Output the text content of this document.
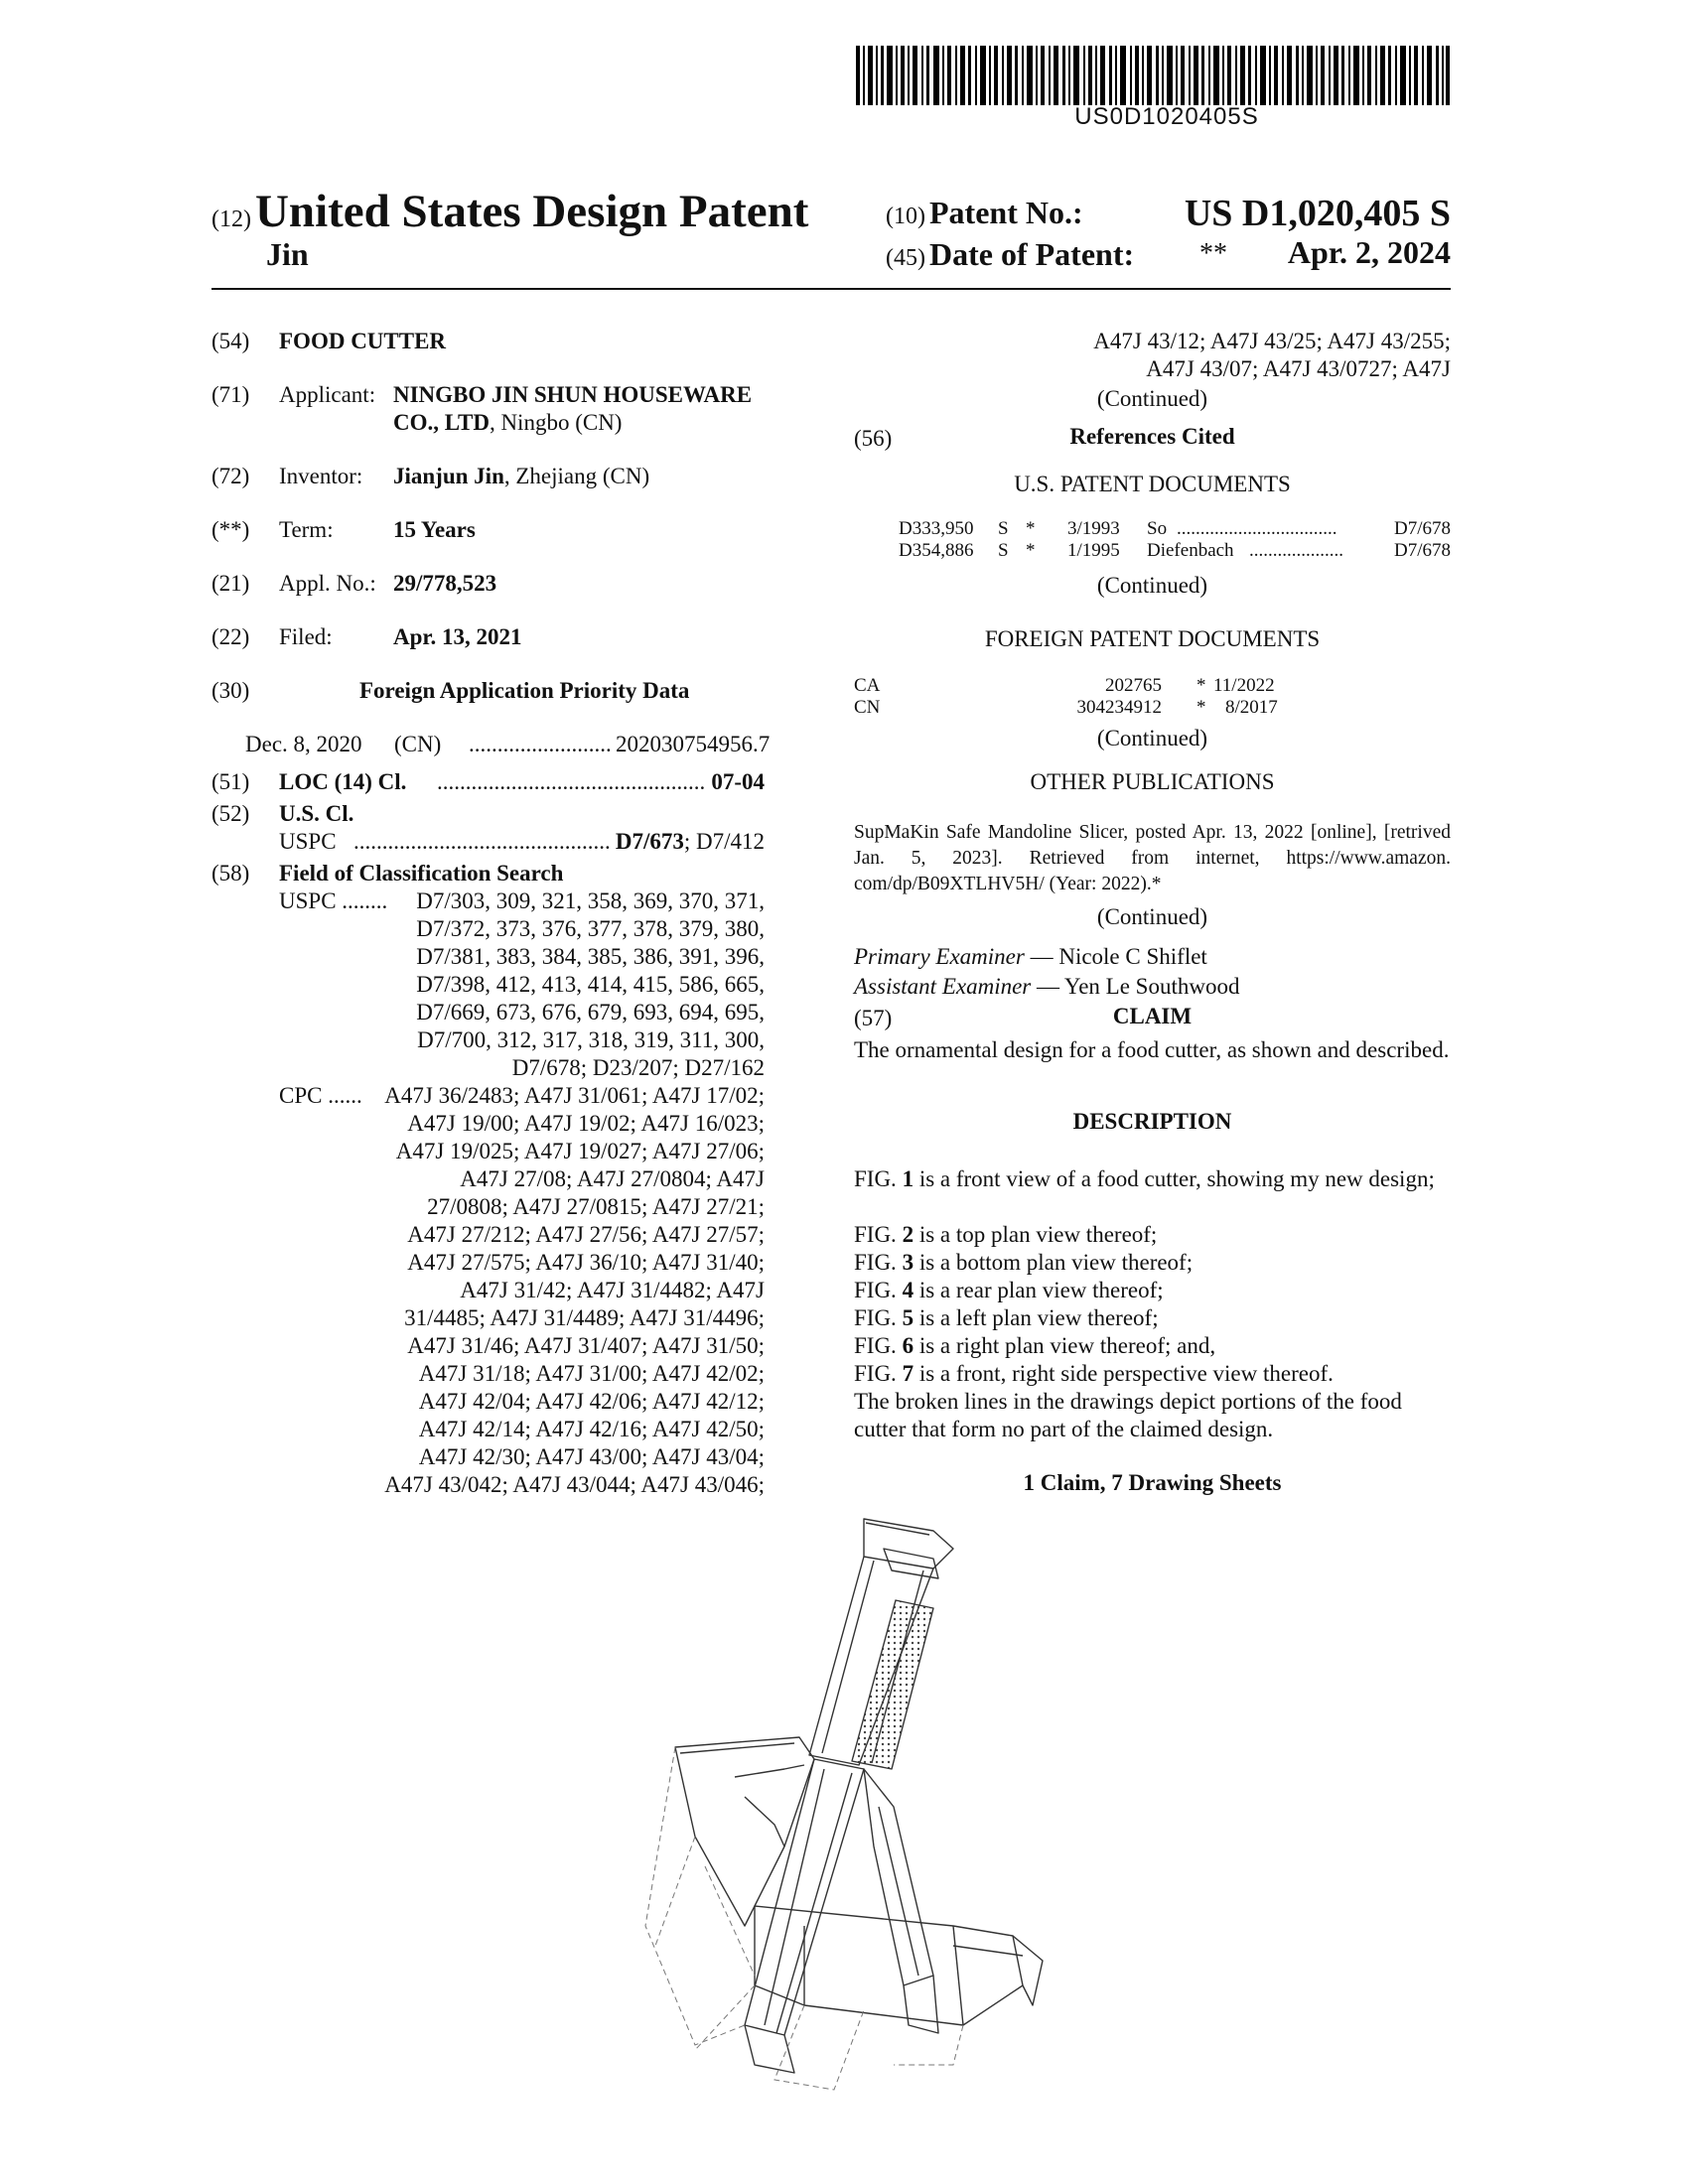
US0D1020405S
(12) United States Design Patent
Jin
(10) Patent No.:	US D1,020,405 S
(45) Date of Patent: **	Apr. 2, 2024
(54) FOOD CUTTER
(71) Applicant: NINGBO JIN SHUN HOUSEWARE
CO., LTD, Ningbo (CN)
(72) Inventor: Jianjun Jin, Zhejiang (CN)
(**) Term:	15 Years
(21) Appl. No.: 29/778,523
(22) Filed:	Apr. 13, 2021
(30)	Foreign Application Priority Data
Dec. 8, 2020 (CN) ......................... 202030754956.7
(51) LOC (14) Cl. ............................................... 07-04
(52) U.S. Cl.
USPC ............................................. D7/673; D7/412
(58) Field of Classification Search
USPC ........	D7/303, 309, 321, 358, 369, 370, 371,
D7/372, 373, 376, 377, 378, 379, 380,
D7/381, 383, 384, 385, 386, 391, 396,
D7/398, 412, 413, 414, 415, 586, 665,
D7/669, 673, 676, 679, 693, 694, 695,
D7/700, 312, 317, 318, 319, 311, 300,
D7/678; D23/207; D27/162
CPC ...... A47J 36/2483; A47J 31/061; A47J 17/02;
A47J 19/00; A47J 19/02; A47J 16/023;
A47J 19/025; A47J 19/027; A47J 27/06;
A47J 27/08; A47J 27/0804; A47J
27/0808; A47J 27/0815; A47J 27/21;
A47J 27/212; A47J 27/56; A47J 27/57;
A47J 27/575; A47J 36/10; A47J 31/40;
A47J 31/42; A47J 31/4482; A47J
31/4485; A47J 31/4489; A47J 31/4496;
A47J 31/46; A47J 31/407; A47J 31/50;
A47J 31/18; A47J 31/00; A47J 42/02;
A47J 42/04; A47J 42/06; A47J 42/12;
A47J 42/14; A47J 42/16; A47J 42/50;
A47J 42/30; A47J 43/00; A47J 43/04;
A47J 43/042; A47J 43/044; A47J 43/046;
A47J 43/12; A47J 43/25; A47J 43/255;
A47J 43/07; A47J 43/0727; A47J
(Continued)
(56)	References Cited
U.S. PATENT DOCUMENTS
D333,950 S * 3/1993 So ..................................	D7/678
D354,886 S * 1/1995 Diefenbach ....................	D7/678
(Continued)
FOREIGN PATENT DOCUMENTS
CA	202765 * 11/2022
CN	304234912 * 8/2017
(Continued)
OTHER PUBLICATIONS
SupMaKin Safe Mandoline Slicer, posted Apr. 13, 2022 [online], [retrived Jan. 5, 2023]. Retrieved from internet, https://www.amazon. com/dp/B09XTLHV5H/ (Year: 2022).*
(Continued)
Primary Examiner — Nicole C Shiflet
Assistant Examiner — Yen Le Southwood
(57)	CLAIM
The ornamental design for a food cutter, as shown and described.
DESCRIPTION
FIG. 1 is a front view of a food cutter, showing my new design;
FIG. 2 is a top plan view thereof;
FIG. 3 is a bottom plan view thereof;
FIG. 4 is a rear plan view thereof;
FIG. 5 is a left plan view thereof;
FIG. 6 is a right plan view thereof; and,
FIG. 7 is a front, right side perspective view thereof.
The broken lines in the drawings depict portions of the food cutter that form no part of the claimed design.
1 Claim, 7 Drawing Sheets
